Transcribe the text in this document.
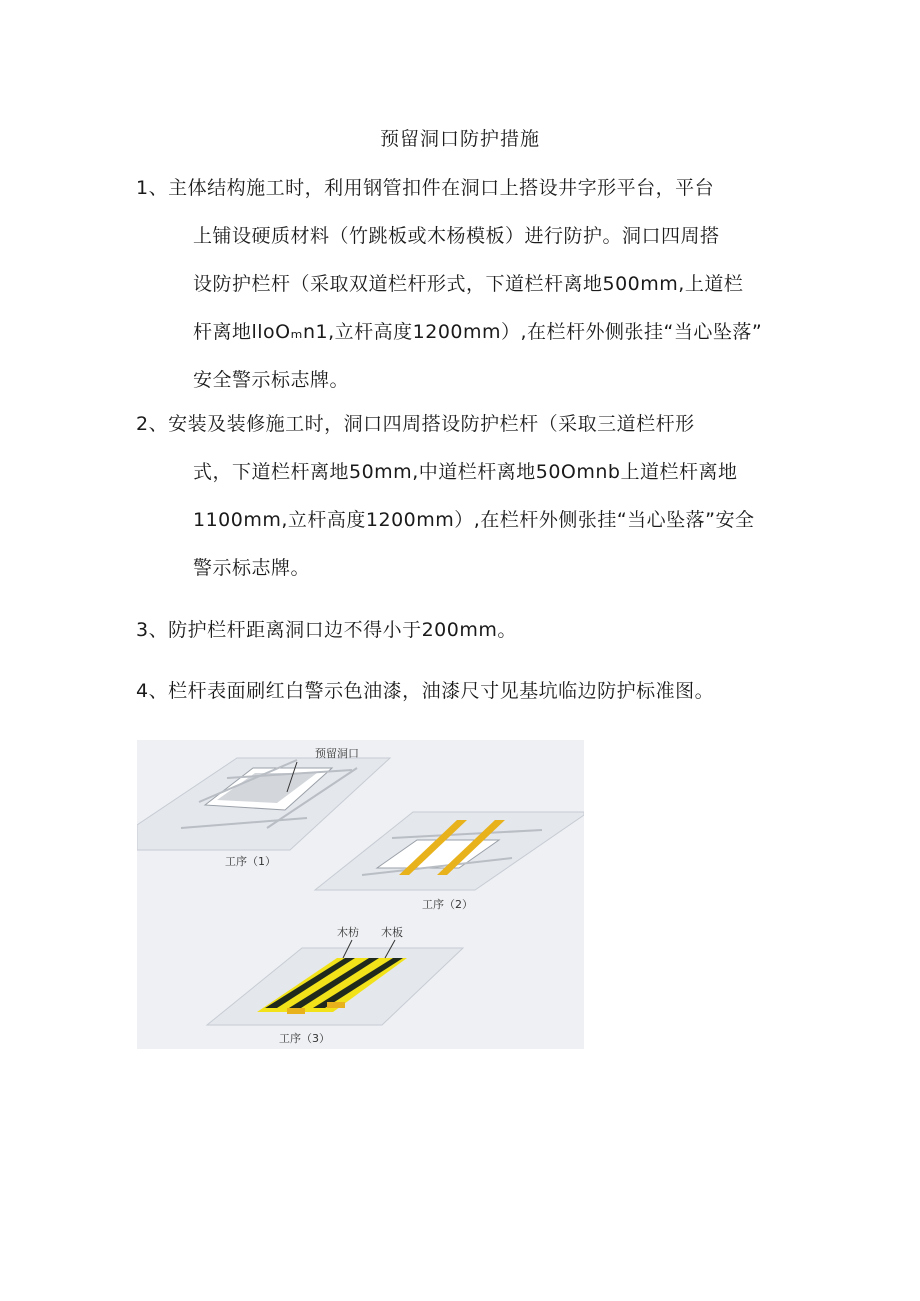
预留洞口防护措施
1、主体结构施工时，利用钢管扣件在洞口上搭设井字形平台，平台
上铺设硬质材料（竹跳板或木杨模板）进行防护。洞口四周搭
设防护栏杆（采取双道栏杆形式，下道栏杆离地500mm,上道栏
杆离地lloOₘn1,立杆高度1200mm）,在栏杆外侧张挂“当心坠落”
安全警示标志牌。
2、安装及装修施工时，洞口四周搭设防护栏杆（采取三道栏杆形
式，下道栏杆离地50mm,中道栏杆离地50Omnb上道栏杆离地
1100mm,立杆高度1200mm）,在栏杆外侧张挂“当心坠落”安全
警示标志牌。
3、防护栏杆距离洞口边不得小于200mm。
4、栏杆表面刷红白警示色油漆，油漆尺寸见基坑临边防护标准图。
预留洞口
工序（1）
工序（2）
木枋 木板
工序（3）
